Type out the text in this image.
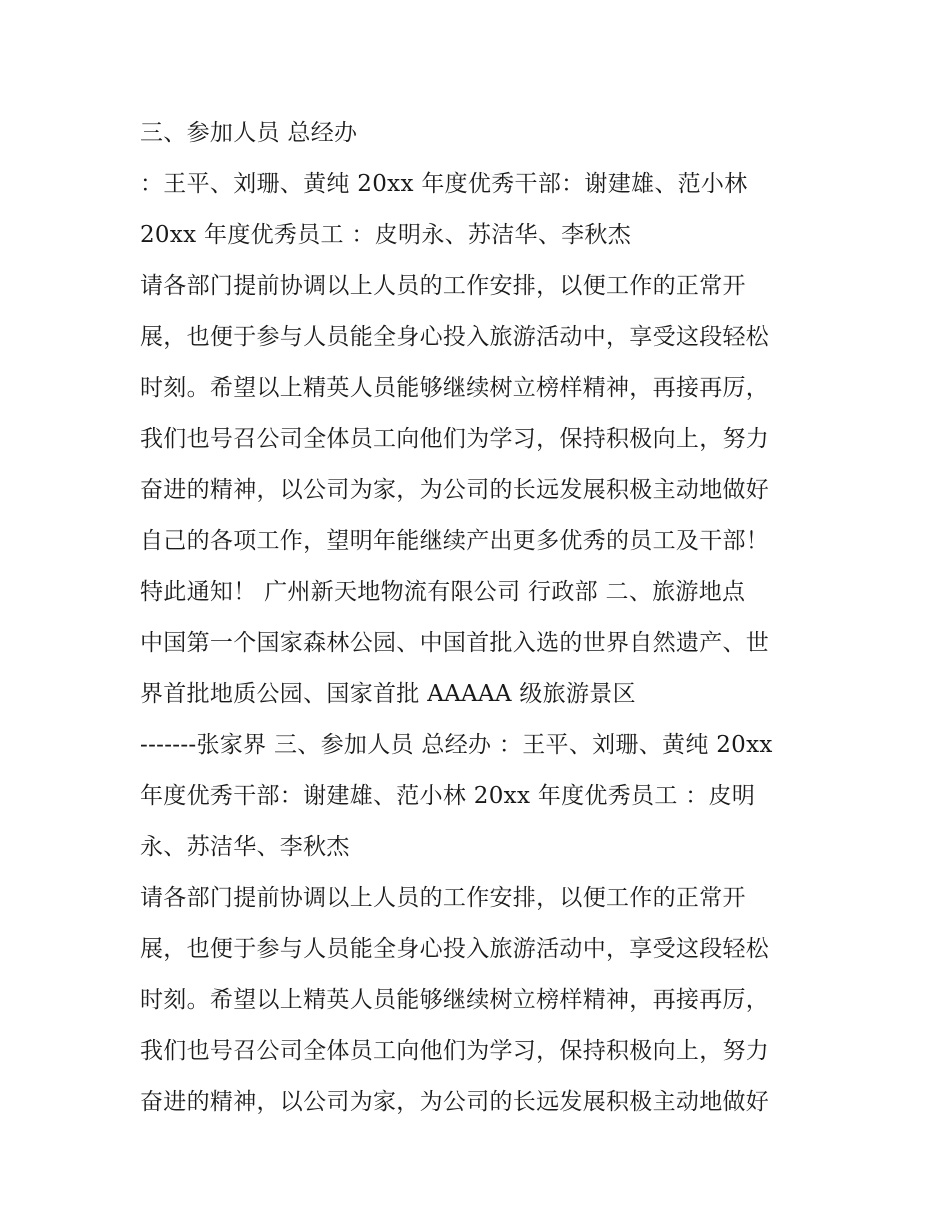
三、参加人员 总经办
：王平、刘珊、黄纯 20xx 年度优秀干部：谢建雄、范小林
20xx 年度优秀员工 ：皮明永、苏洁华、李秋杰
请各部门提前协调以上人员的工作安排，以便工作的正常开
展，也便于参与人员能全身心投入旅游活动中，享受这段轻松
时刻。希望以上精英人员能够继续树立榜样精神，再接再厉，
我们也号召公司全体员工向他们为学习，保持积极向上，努力
奋进的精神，以公司为家，为公司的长远发展积极主动地做好
自己的各项工作，望明年能继续产出更多优秀的员工及干部！
特此通知！ 广州新天地物流有限公司 行政部 二、旅游地点
中国第一个国家森林公园、中国首批入选的世界自然遗产、世
界首批地质公园、国家首批 AAAAA 级旅游景区
-------张家界 三、参加人员 总经办 ：王平、刘珊、黄纯 20xx
年度优秀干部：谢建雄、范小林 20xx 年度优秀员工 ：皮明
永、苏洁华、李秋杰
请各部门提前协调以上人员的工作安排，以便工作的正常开
展，也便于参与人员能全身心投入旅游活动中，享受这段轻松
时刻。希望以上精英人员能够继续树立榜样精神，再接再厉，
我们也号召公司全体员工向他们为学习，保持积极向上，努力
奋进的精神，以公司为家，为公司的长远发展积极主动地做好
